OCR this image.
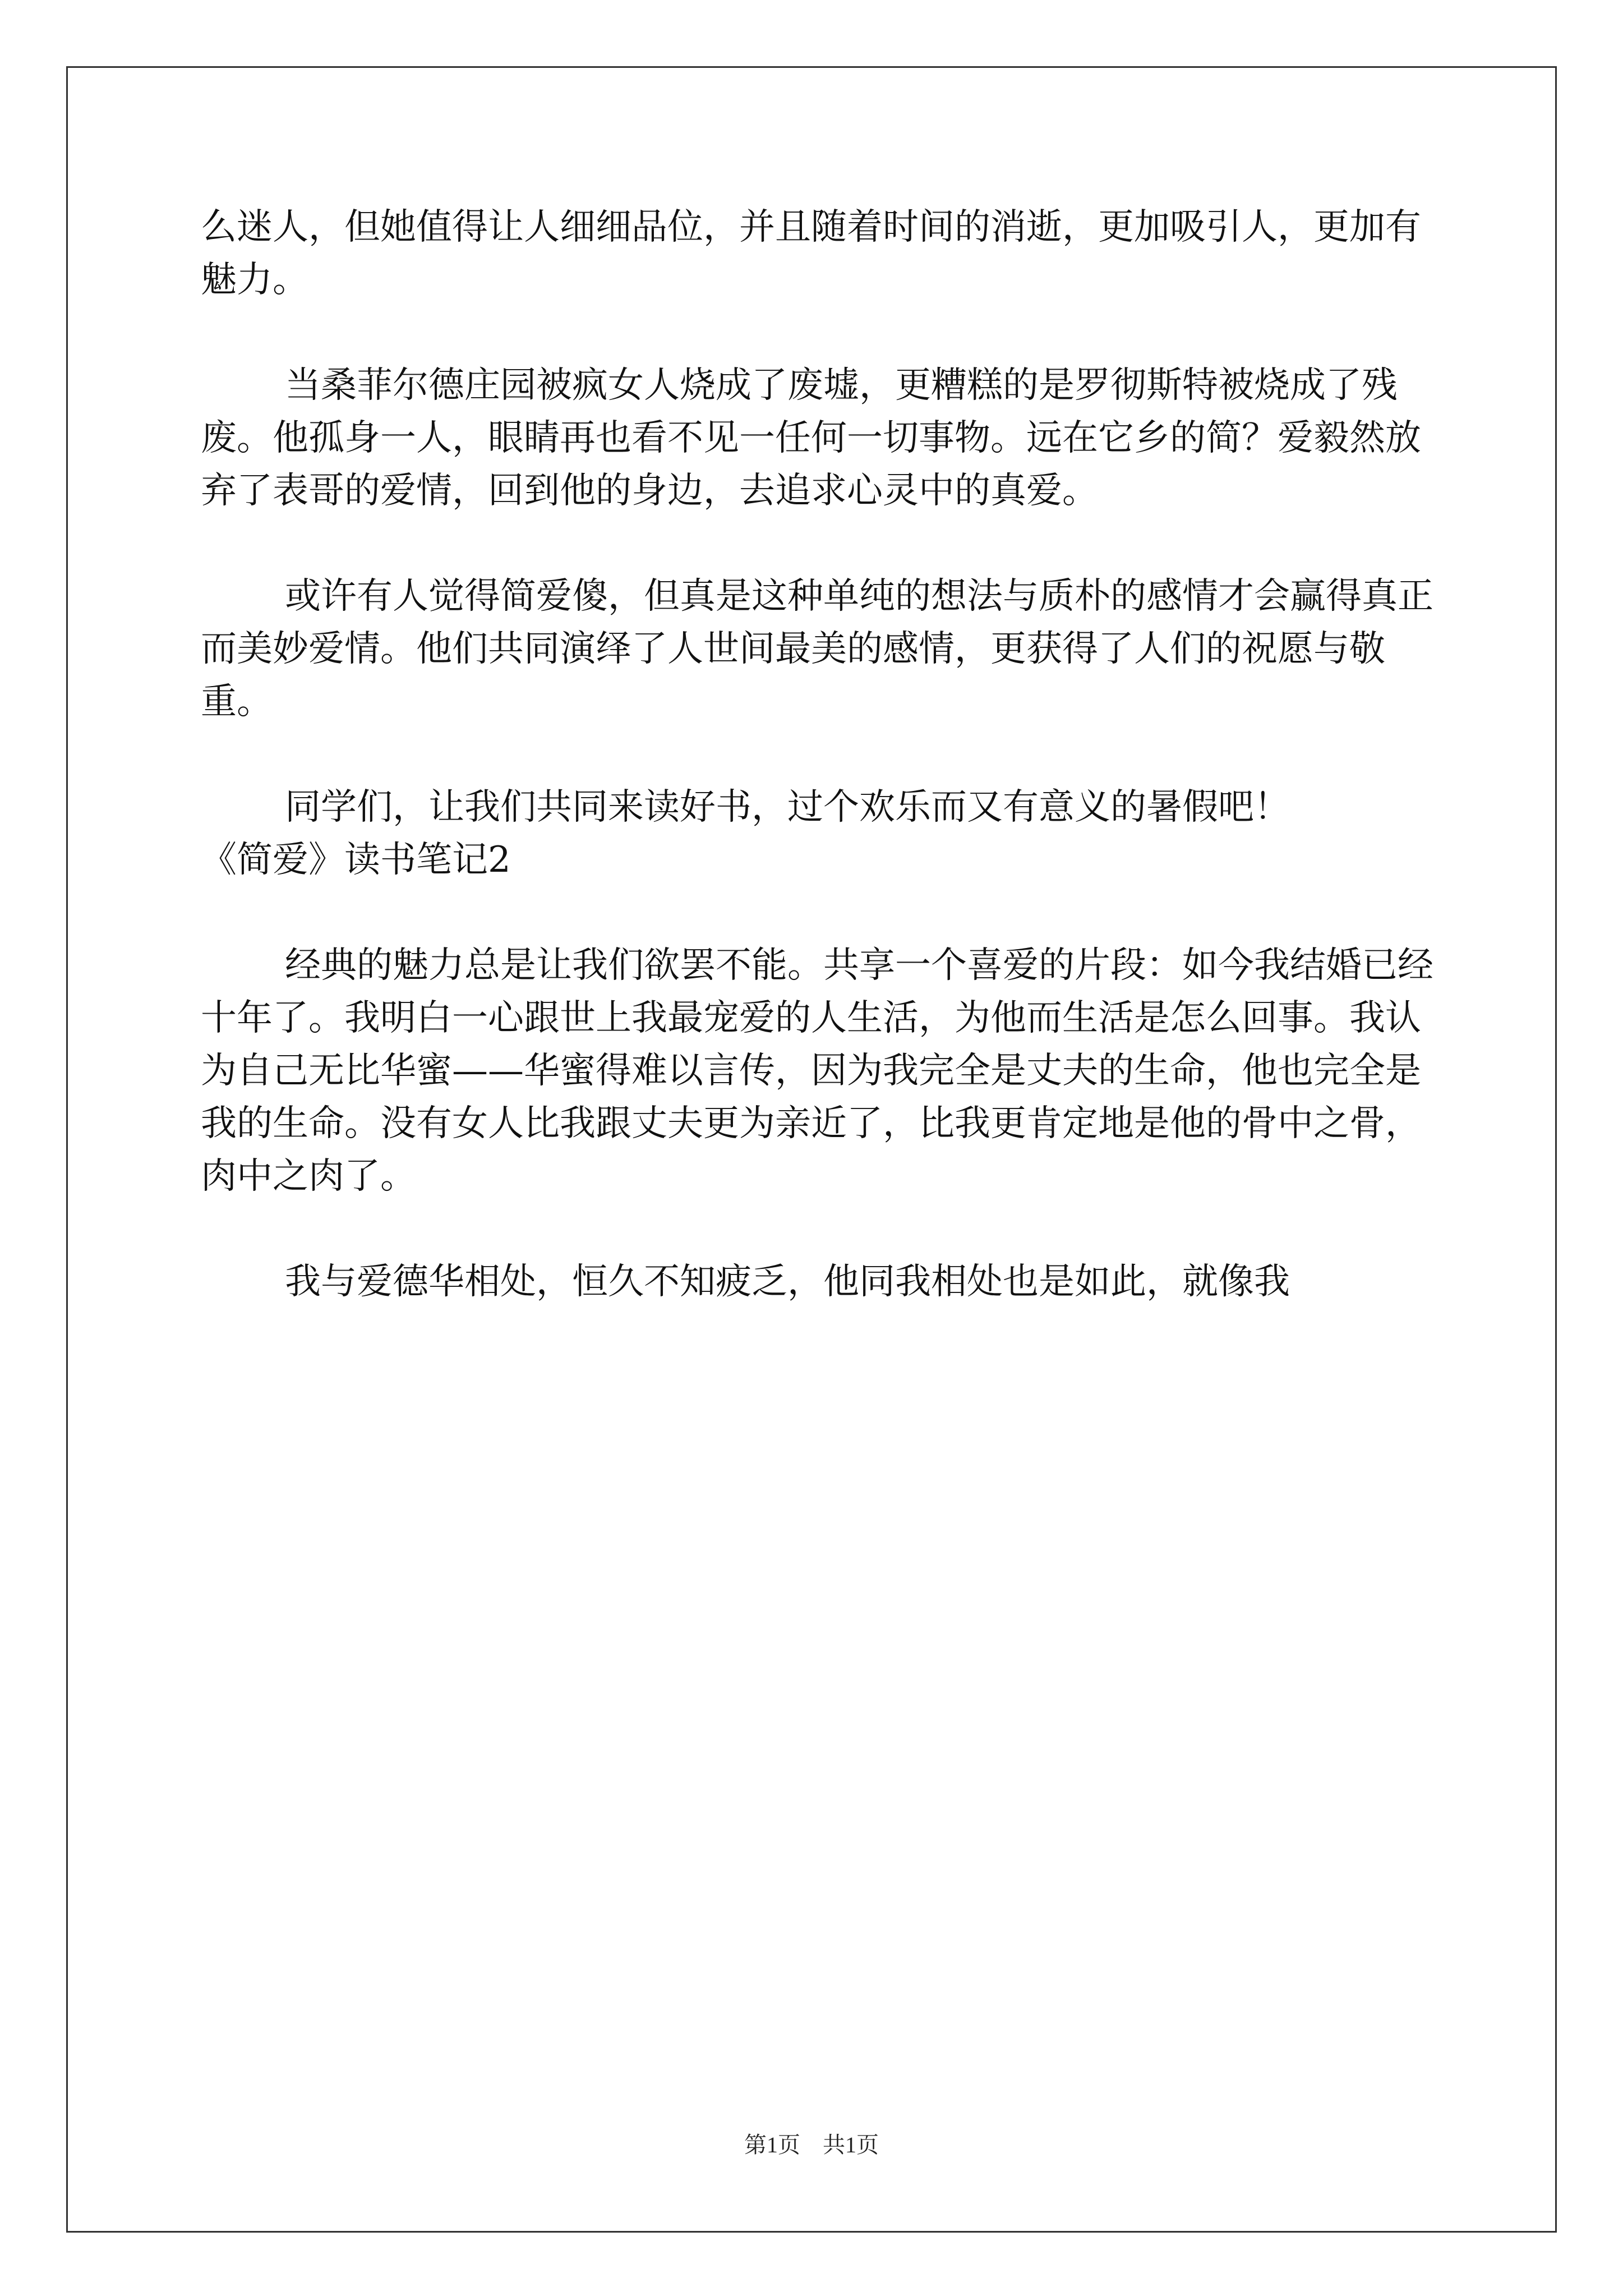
么迷人，但她值得让人细细品位，并且随着时间的消逝，更加吸引人，更加有魅力。

当桑菲尔德庄园被疯女人烧成了废墟，更糟糕的是罗彻斯特被烧成了残废。他孤身一人，眼睛再也看不见一任何一切事物。远在它乡的简？爱毅然放弃了表哥的爱情，回到他的身边，去追求心灵中的真爱。

或许有人觉得简爱傻，但真是这种单纯的想法与质朴的感情才会赢得真正而美妙爱情。他们共同演绎了人世间最美的感情，更获得了人们的祝愿与敬重。

同学们，让我们共同来读好书，过个欢乐而又有意义的暑假吧！

《简爱》读书笔记2

经典的魅力总是让我们欲罢不能。共享一个喜爱的片段：如今我结婚已经十年了。我明白一心跟世上我最宠爱的人生活，为他而生活是怎么回事。我认为自己无比华蜜——华蜜得难以言传，因为我完全是丈夫的生命，他也完全是我的生命。没有女人比我跟丈夫更为亲近了，比我更肯定地是他的骨中之骨，肉中之肉了。

我与爱德华相处，恒久不知疲乏，他同我相处也是如此，就像我

第1页　共1页
